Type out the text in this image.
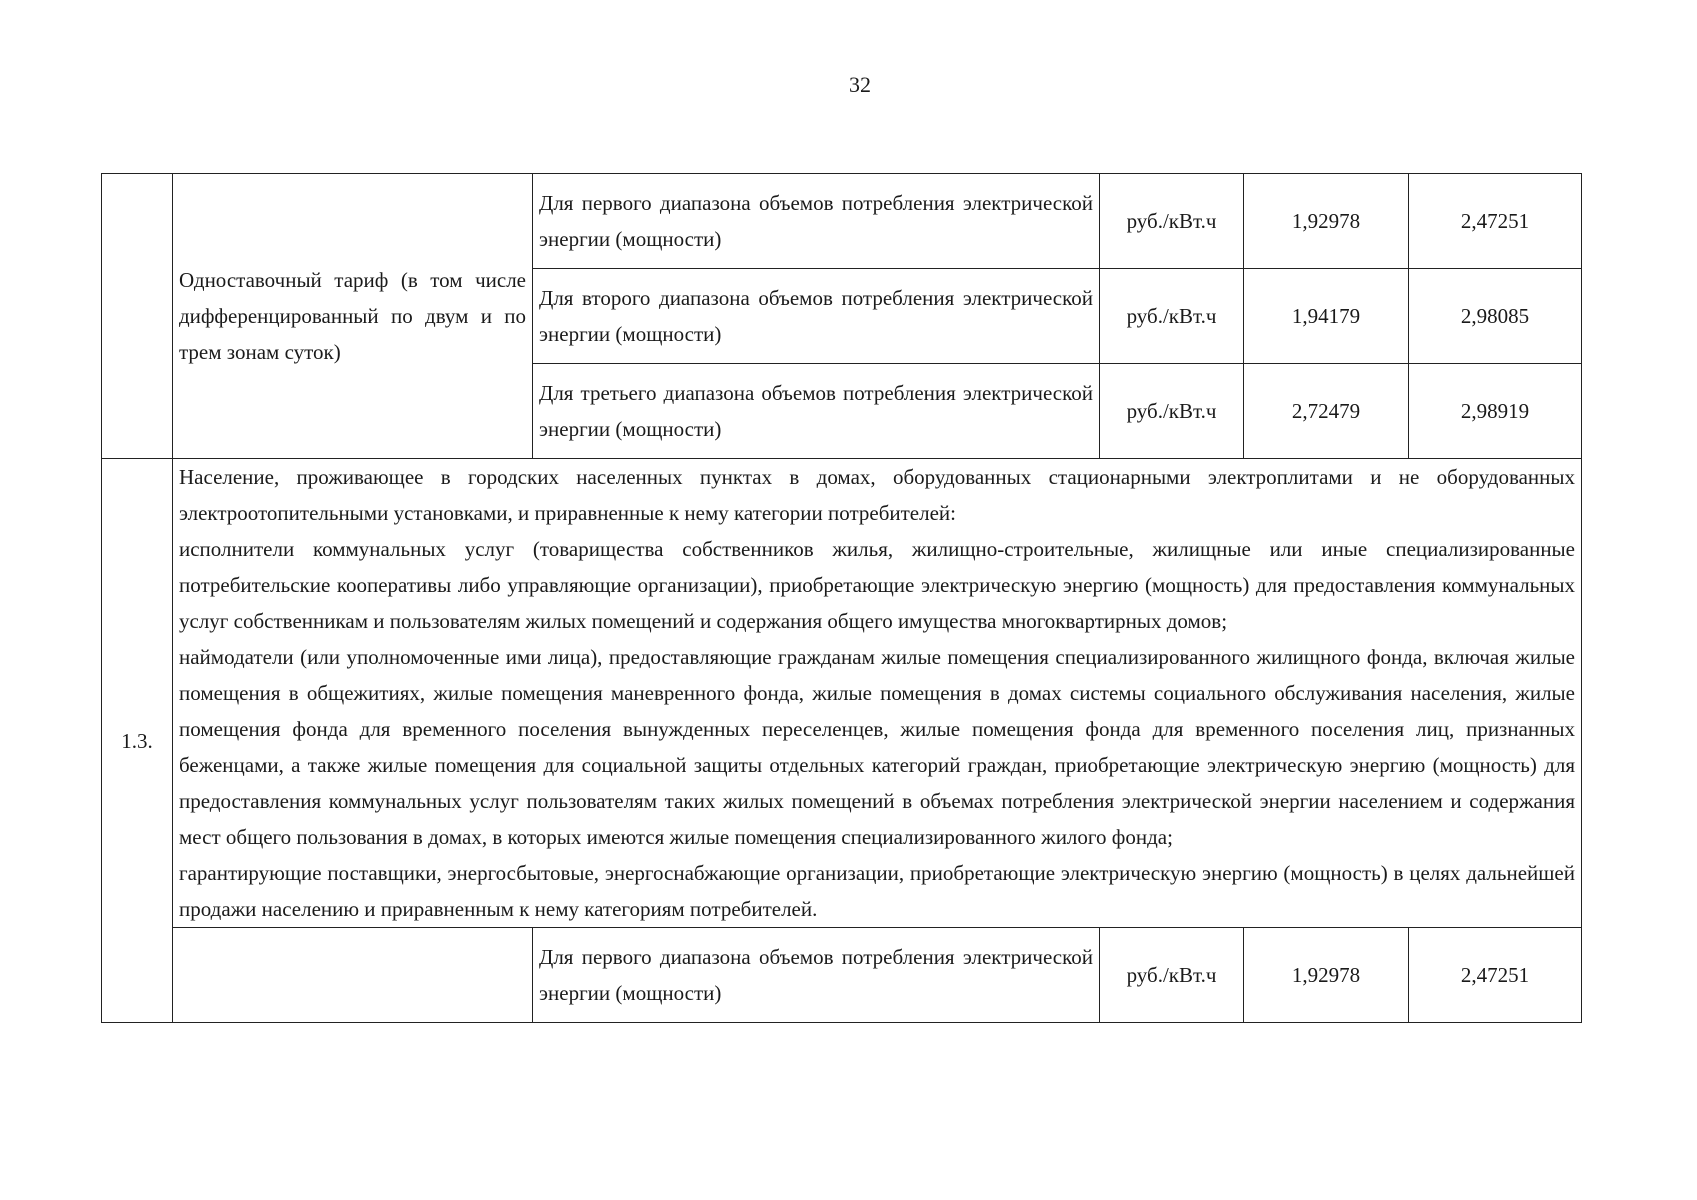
32
	Одноставочный тариф (в том числе дифференцированный по двум и по трем зонам суток)	Для первого диапазона объемов потребления электрической энергии (мощности)	руб./кВт.ч	1,92978	2,47251
		Для второго диапазона объемов потребления электрической энергии (мощности)	руб./кВт.ч	1,94179	2,98085
		Для третьего диапазона объемов потребления электрической энергии (мощности)	руб./кВт.ч	2,72479	2,98919
1.3.	Население, проживающее в городских населенных пунктах в домах, оборудованных стационарными электроплитами и не оборудованных электроотопительными установками, и приравненные к нему категории потребителей:
исполнители коммунальных услуг (товарищества собственников жилья, жилищно-строительные, жилищные или иные специализированные потребительские кооперативы либо управляющие организации), приобретающие электрическую энергию (мощность) для предоставления коммунальных услуг собственникам и пользователям жилых помещений и содержания общего имущества многоквартирных домов;
наймодатели (или уполномоченные ими лица), предоставляющие гражданам жилые помещения специализированного жилищного фонда, включая жилые помещения в общежитиях, жилые помещения маневренного фонда, жилые помещения в домах системы социального обслуживания населения, жилые помещения фонда для временного поселения вынужденных переселенцев, жилые помещения фонда для временного поселения лиц, признанных беженцами, а также жилые помещения для социальной защиты отдельных категорий граждан, приобретающие электрическую энергию (мощность) для предоставления коммунальных услуг пользователям таких жилых помещений в объемах потребления электрической энергии населением и содержания мест общего пользования в домах, в которых имеются жилые помещения специализированного жилого фонда;
гарантирующие поставщики, энергосбытовые, энергоснабжающие организации, приобретающие электрическую энергию (мощность) в целях дальнейшей продажи населению и приравненным к нему категориям потребителей.				

		Для первого диапазона объемов потребления электрической энергии (мощности)	руб./кВт.ч	1,92978	2,47251
